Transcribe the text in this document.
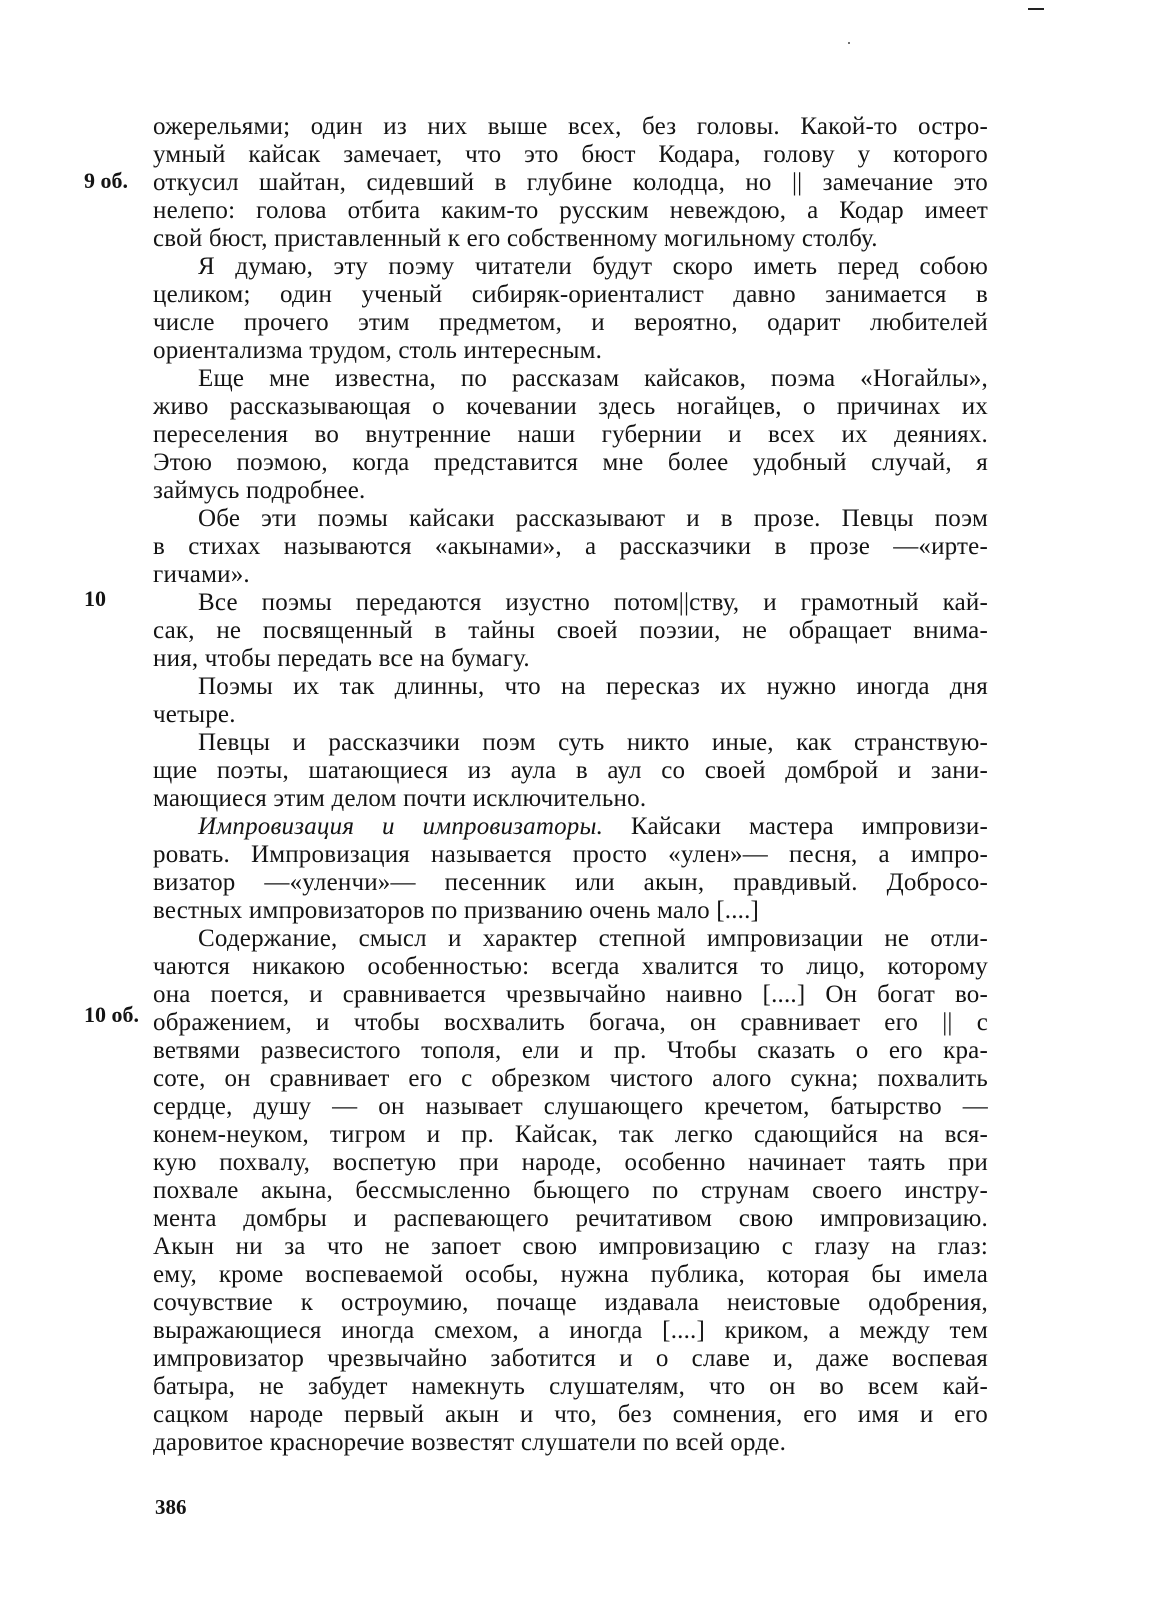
9 об.
10
10 об.
ожерельями; один из них выше всех, без головы. Какой-то остро-
умный кайсак замечает, что это бюст Кодара, голову у которого
откусил шайтан, сидевший в глубине колодца, но || замечание это
нелепо: голова отбита каким-то русским невеждою, а Кодар имеет
свой бюст, приставленный к его собственному могильному столбу.
Я думаю, эту поэму читатели будут скоро иметь перед собою
целиком; один ученый сибиряк-ориенталист давно занимается в
числе прочего этим предметом, и вероятно, одарит любителей
ориентализма трудом, столь интересным.
Еще мне известна, по рассказам кайсаков, поэма «Ногайлы»,
живо рассказывающая о кочевании здесь ногайцев, о причинах их
переселения во внутренние наши губернии и всех их деяниях.
Этою поэмою, когда представится мне более удобный случай, я
займусь подробнее.
Обе эти поэмы кайсаки рассказывают и в прозе. Певцы поэм
в стихах называются «акынами», а рассказчики в прозе —«ирте-
гичами».
Все поэмы передаются изустно потом||ству, и грамотный кай-
сак, не посвященный в тайны своей поэзии, не обращает внима-
ния, чтобы передать все на бумагу.
Поэмы их так длинны, что на пересказ их нужно иногда дня
четыре.
Певцы и рассказчики поэм суть никто иные, как странствую-
щие поэты, шатающиеся из аула в аул со своей домброй и зани-
мающиеся этим делом почти исключительно.
Импровизация и импровизаторы. Кайсаки мастера импровизи-
ровать. Импровизация называется просто «улен»— песня, а импро-
визатор —«уленчи»— песенник или акын, правдивый. Добросо-
вестных импровизаторов по призванию очень мало [....]
Содержание, смысл и характер степной импровизации не отли-
чаются никакою особенностью: всегда хвалится то лицо, которому
она поется, и сравнивается чрезвычайно наивно [....] Он богат во-
ображением, и чтобы восхвалить богача, он сравнивает его || с
ветвями развесистого тополя, ели и пр. Чтобы сказать о его кра-
соте, он сравнивает его с обрезком чистого алого сукна; похвалить
сердце, душу — он называет слушающего кречетом, батырство —
конем-неуком, тигром и пр. Кайсак, так легко сдающийся на вся-
кую похвалу, воспетую при народе, особенно начинает таять при
похвале акына, бессмысленно бьющего по струнам своего инстру-
мента домбры и распевающего речитативом свою импровизацию.
Акын ни за что не запоет свою импровизацию с глазу на глаз:
ему, кроме воспеваемой особы, нужна публика, которая бы имела
сочувствие к остроумию, почаще издавала неистовые одобрения,
выражающиеся иногда смехом, а иногда [....] криком, а между тем
импровизатор чрезвычайно заботится и о славе и, даже воспевая
батыра, не забудет намекнуть слушателям, что он во всем кай-
сацком народе первый акын и что, без сомнения, его имя и его
даровитое красноречие возвестят слушатели по всей орде.
386
